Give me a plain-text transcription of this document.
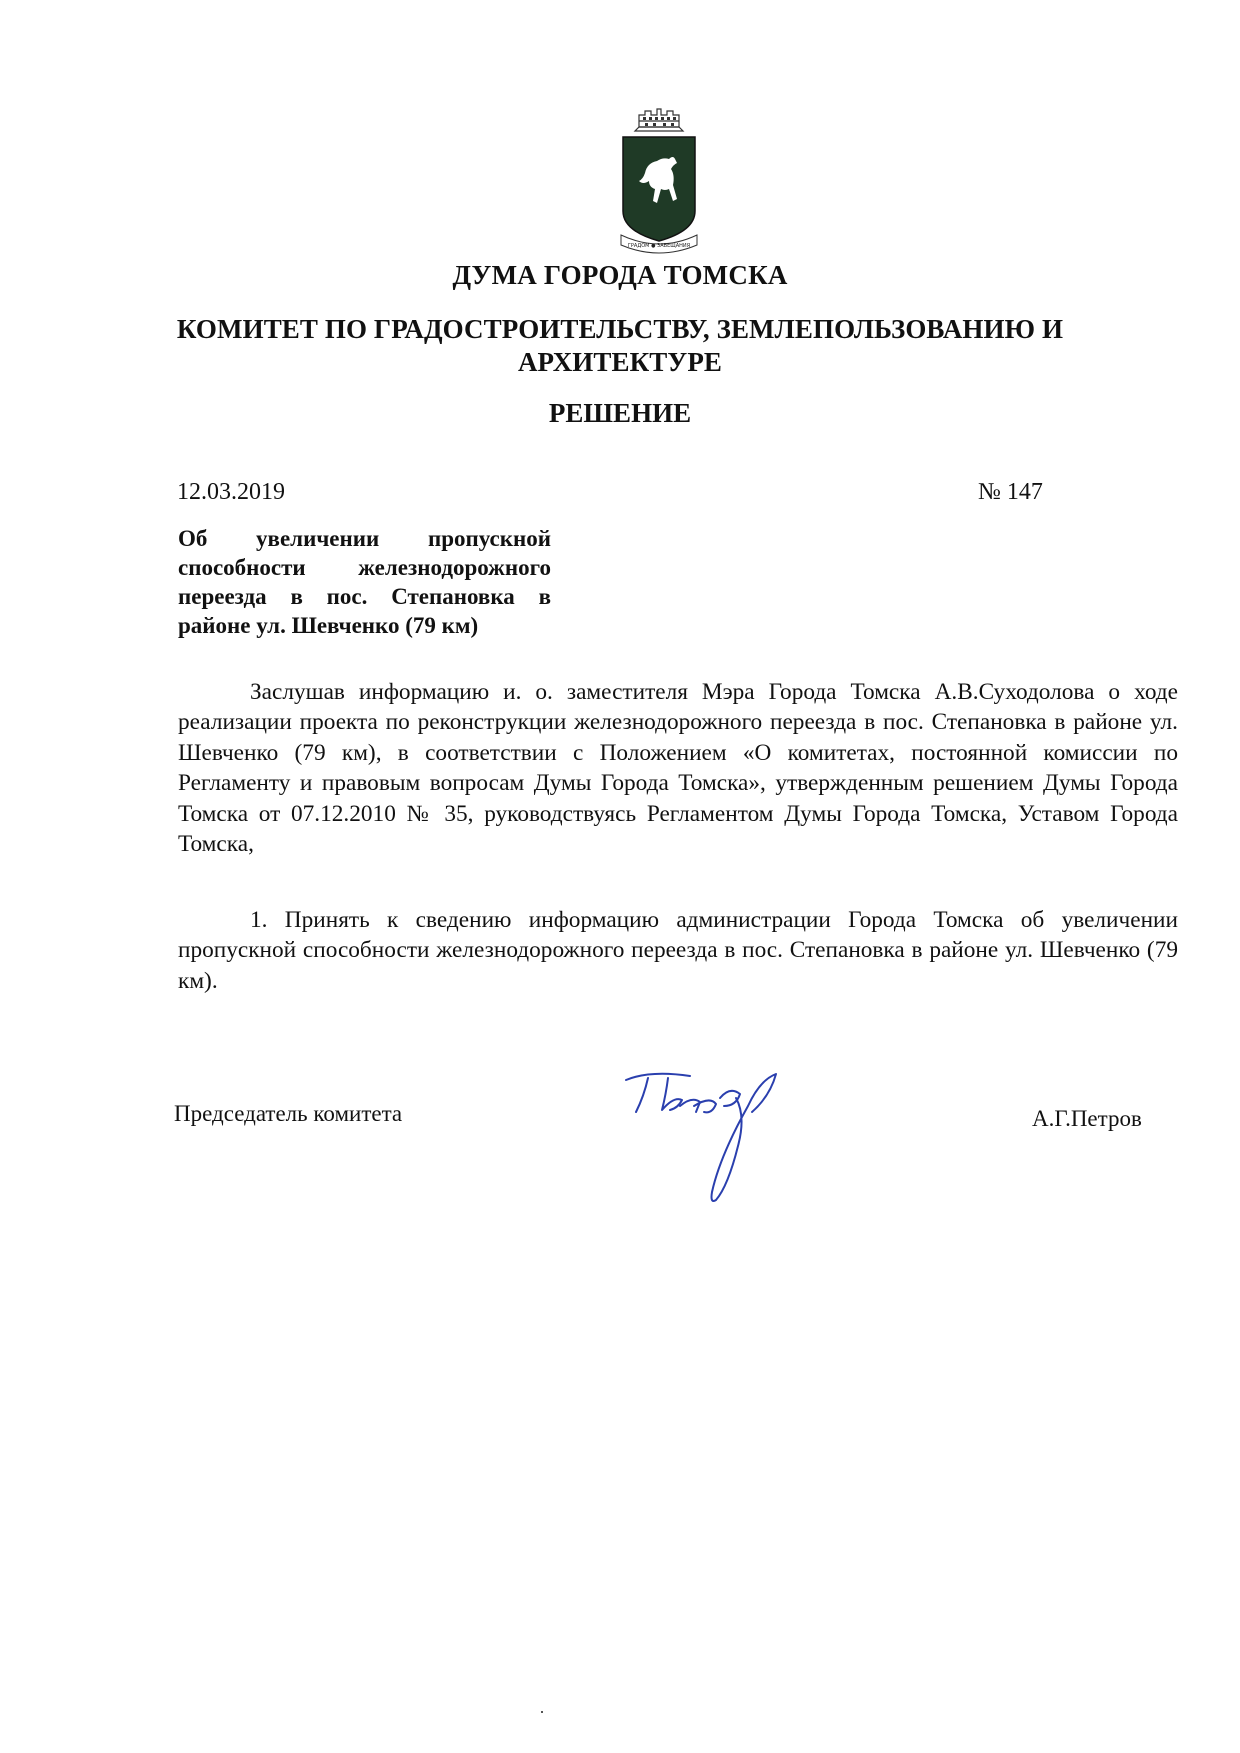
ГРАДОМ ● ЗАВЕЩАНИЯ
ДУМА ГОРОДА ТОМСКА
КОМИТЕТ ПО ГРАДОСТРОИТЕЛЬСТВУ, ЗЕМЛЕПОЛЬЗОВАНИЮ И АРХИТЕКТУРЕ
РЕШЕНИЕ
12.03.2019	№ 147
Об увеличении пропускной способности железнодорожного переезда в пос. Степановка в районе ул. Шевченко (79 км)
Заслушав информацию и. о. заместителя Мэра Города Томска А.В.Суходолова о ходе реализации проекта по реконструкции железнодорожного переезда в пос. Степановка в районе ул. Шевченко (79 км), в соответствии с Положением «О комитетах, постоянной комиссии по Регламенту и правовым вопросам Думы Города Томска», утвержденным решением Думы Города Томска от 07.12.2010 № 35, руководствуясь Регламентом Думы Города Томска, Уставом Города Томска,
1. Принять к сведению информацию администрации Города Томска об увеличении пропускной способности железнодорожного переезда в пос. Степановка в районе ул. Шевченко (79 км).
Председатель комитета	А.Г.Петров
